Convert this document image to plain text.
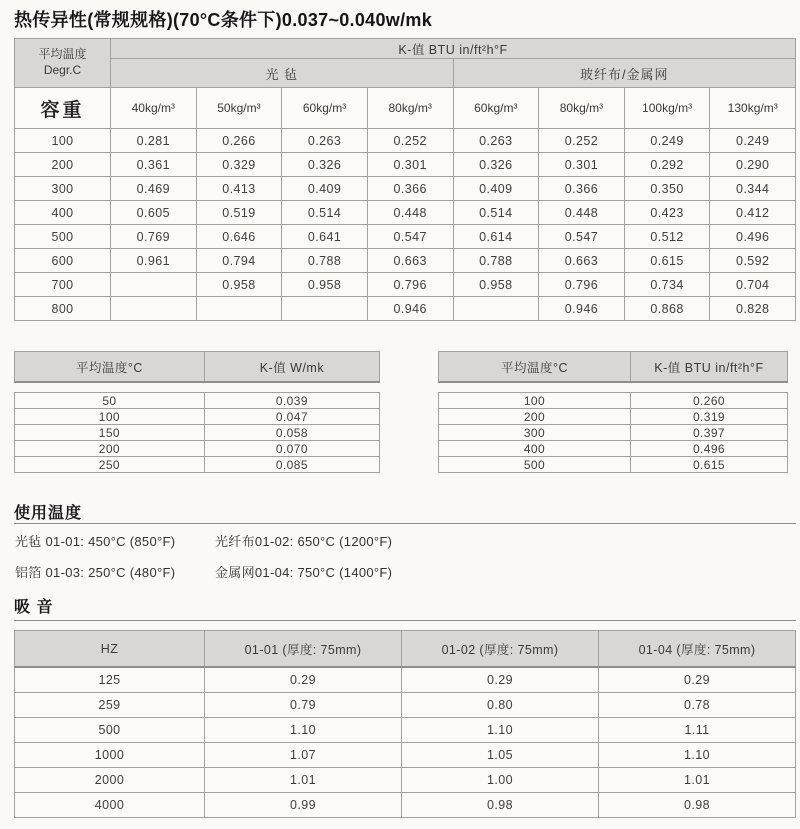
热传异性(常规规格)(70°C条件下)0.037~0.040w/mk
平均温度
Degr.C	K-值 BTU in/ft²h°F							
	光 毡				玻纤布/金属网			
容重	40kg/m³	50kg/m³	60kg/m³	80kg/m³	60kg/m³	80kg/m³	100kg/m³	130kg/m³
100	0.281	0.266	0.263	0.252	0.263	0.252	0.249	0.249
200	0.361	0.329	0.326	0.301	0.326	0.301	0.292	0.290
300	0.469	0.413	0.409	0.366	0.409	0.366	0.350	0.344
400	0.605	0.519	0.514	0.448	0.514	0.448	0.423	0.412
500	0.769	0.646	0.641	0.547	0.614	0.547	0.512	0.496
600	0.961	0.794	0.788	0.663	0.788	0.663	0.615	0.592
700		0.958	0.958	0.796	0.958	0.796	0.734	0.704
800				0.946		0.946	0.868	0.828
平均温度°C	K-值 W/mk

50	0.039
100	0.047
150	0.058
200	0.070
250	0.085
平均温度°C	K-值 BTU in/ft²h°F

100	0.260
200	0.319
300	0.397
400	0.496
500	0.615
使用温度
光毡 01-01: 450°C (850°F)	光纤布01-02: 650°C (1200°F)
铝箔 01-03: 250°C (480°F)	金属网01-04: 750°C (1400°F)
吸 音
HZ	01-01 (厚度: 75mm)	01-02 (厚度: 75mm)	01-04 (厚度: 75mm)
125	0.29	0.29	0.29
259	0.79	0.80	0.78
500	1.10	1.10	1.11
1000	1.07	1.05	1.10
2000	1.01	1.00	1.01
4000	0.99	0.98	0.98
